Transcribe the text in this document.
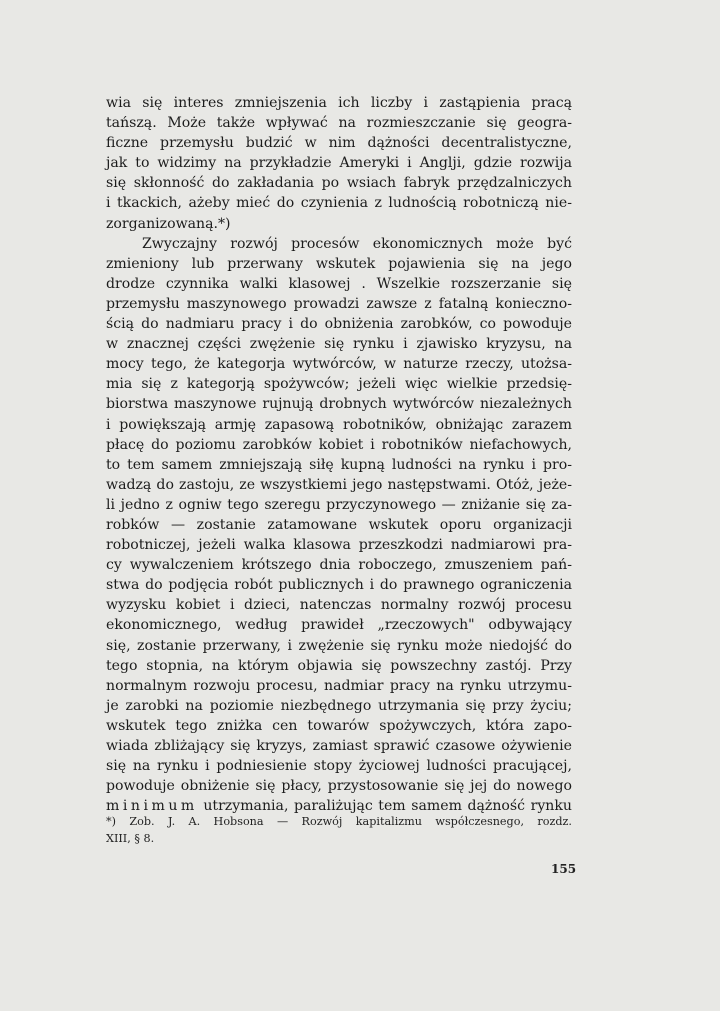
wia się interes zmniejszenia ich liczby i zastąpienia pracą
tańszą. Może także wpływać na rozmieszczanie się geogra-
ficzne przemysłu budzić w nim dążności decentralistyczne,
jak to widzimy na przykładzie Ameryki i Anglji, gdzie rozwija
się skłonność do zakładania po wsiach fabryk przędzalniczych
i tkackich, ażeby mieć do czynienia z ludnością robotniczą nie-
zorganizowaną.*)

Zwyczajny rozwój procesów ekonomicznych może być
zmieniony lub przerwany wskutek pojawienia się na jego
drodze czynnika walki klasowej . Wszelkie rozszerzanie się
przemysłu maszynowego prowadzi zawsze z fatalną konieczno-
ścią do nadmiaru pracy i do obniżenia zarobków, co powoduje
w znacznej części zwężenie się rynku i zjawisko kryzysu, na
mocy tego, że kategorja wytwórców, w naturze rzeczy, utożsa-
mia się z kategorją spożywców; jeżeli więc wielkie przedsię-
biorstwa maszynowe rujnują drobnych wytwórców niezależnych
i powiększają armję zapasową robotników, obniżając zarazem
płacę do poziomu zarobków kobiet i robotników niefachowych,
to tem samem zmniejszają siłę kupną ludności na rynku i pro-
wadzą do zastoju, ze wszystkiemi jego następstwami. Otóż, jeże-
li jedno z ogniw tego szeregu przyczynowego — zniżanie się za-
robków — zostanie zatamowane wskutek oporu organizacji
robotniczej, jeżeli walka klasowa przeszkodzi nadmiarowi pra-
cy wywalczeniem krótszego dnia roboczego, zmuszeniem pań-
stwa do podjęcia robót publicznych i do prawnego ograniczenia
wyzysku kobiet i dzieci, natenczas normalny rozwój procesu
ekonomicznego, według prawideł „rzeczowych" odbywający
się, zostanie przerwany, i zwężenie się rynku może niedojść do
tego stopnia, na którym objawia się powszechny zastój. Przy
normalnym rozwoju procesu, nadmiar pracy na rynku utrzymu-
je zarobki na poziomie niezbędnego utrzymania się przy życiu;
wskutek tego zniżka cen towarów spożywczych, która zapo-
wiada zbliżający się kryzys, zamiast sprawić czasowe ożywienie
się na rynku i podniesienie stopy życiowej ludności pracującej,
powoduje obniżenie się płacy, przystosowanie się jej do nowego
minimum utrzymania, paraliżując tem samem dążność rynku

*) Zob. J. A. Hobsona — Rozwój kapitalizmu współczesnego, rozdz.
XIII, § 8.
155
